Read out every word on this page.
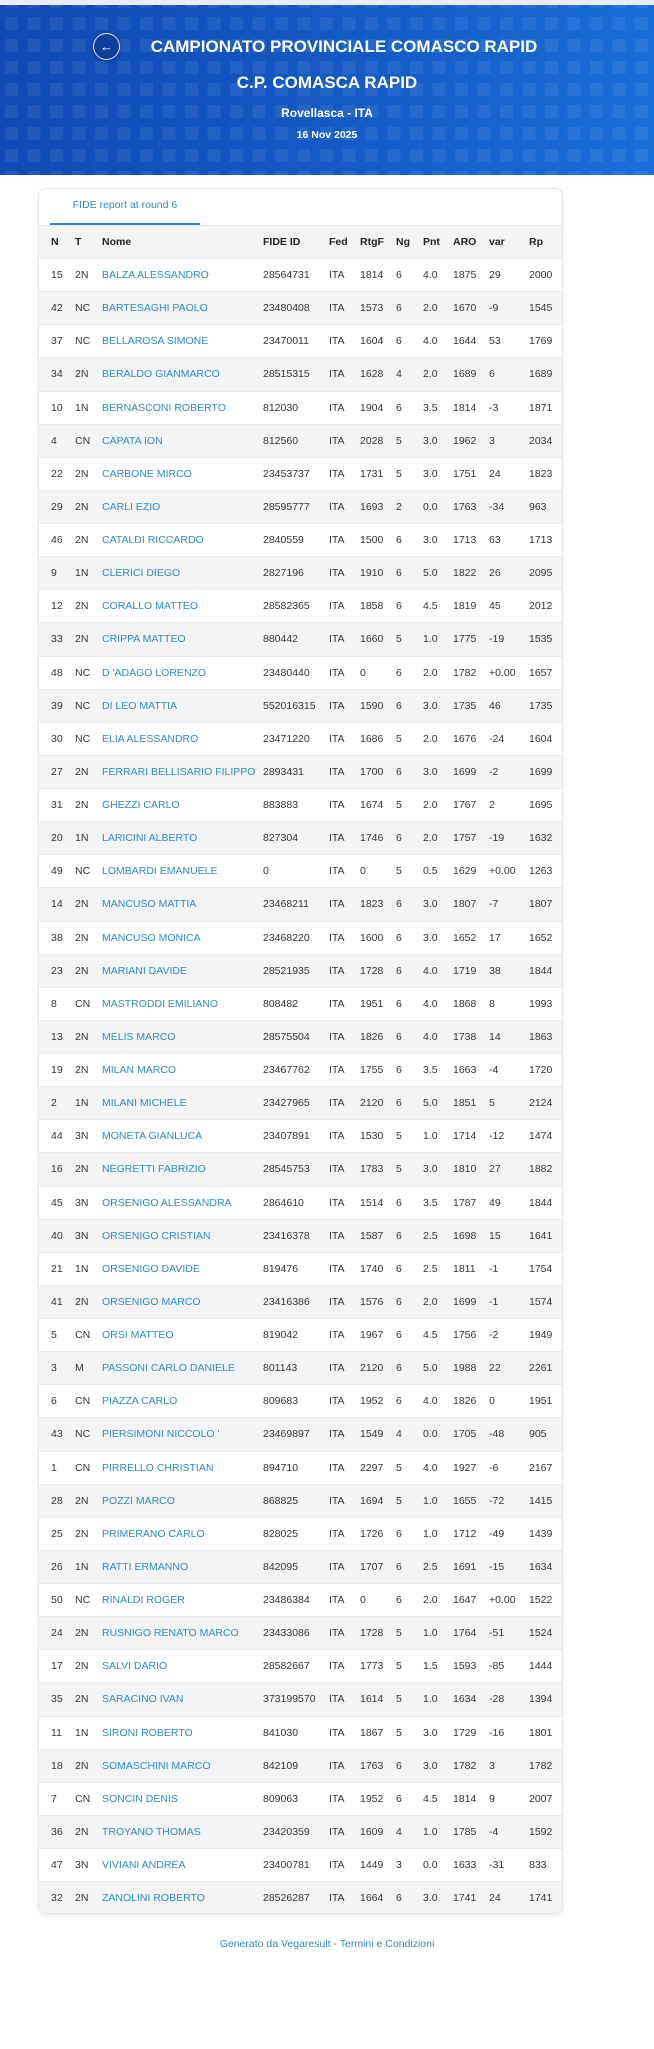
←	CAMPIONATO PROVINCIALE COMASCO RAPID
C.P. COMASCA RAPID
Rovellasca - ITA
16 Nov 2025
FIDE report at round 6
N	T	Nome	FIDE ID	Fed	RtgF	Ng	Pnt	ARO	var	Rp
15	2N	BALZA ALESSANDRO	28564731	ITA	1814	6	4.0	1875	29	2000
42	NC	BARTESAGHI PAOLO	23480408	ITA	1573	6	2.0	1670	-9	1545
37	NC	BELLAROSA SIMONE	23470011	ITA	1604	6	4.0	1644	53	1769
34	2N	BERALDO GIANMARCO	28515315	ITA	1628	4	2.0	1689	6	1689
10	1N	BERNASCONI ROBERTO	812030	ITA	1904	6	3.5	1814	-3	1871
4	CN	CAPATA ION	812560	ITA	2028	5	3.0	1962	3	2034
22	2N	CARBONE MIRCO	23453737	ITA	1731	5	3.0	1751	24	1823
29	2N	CARLI EZIO	28595777	ITA	1693	2	0.0	1763	-34	963
46	2N	CATALDI RICCARDO	2840559	ITA	1500	6	3.0	1713	63	1713
9	1N	CLERICI DIEGO	2827196	ITA	1910	6	5.0	1822	26	2095
12	2N	CORALLO MATTEO	28582365	ITA	1858	6	4.5	1819	45	2012
33	2N	CRIPPA MATTEO	880442	ITA	1660	5	1.0	1775	-19	1535
48	NC	D 'ADAGO LORENZO	23480440	ITA	0	6	2.0	1782	+0.00	1657
39	NC	DI LEO MATTIA	552016315	ITA	1590	6	3.0	1735	46	1735
30	NC	ELIA ALESSANDRO	23471220	ITA	1686	5	2.0	1676	-24	1604
27	2N	FERRARI BELLISARIO FILIPPO	2893431	ITA	1700	6	3.0	1699	-2	1699
31	2N	GHEZZI CARLO	883883	ITA	1674	5	2.0	1767	2	1695
20	1N	LARICINI ALBERTO	827304	ITA	1746	6	2.0	1757	-19	1632
49	NC	LOMBARDI EMANUELE	0	ITA	0	5	0.5	1629	+0.00	1263
14	2N	MANCUSO MATTIA	23468211	ITA	1823	6	3.0	1807	-7	1807
38	2N	MANCUSO MONICA	23468220	ITA	1600	6	3.0	1652	17	1652
23	2N	MARIANI DAVIDE	28521935	ITA	1728	6	4.0	1719	38	1844
8	CN	MASTRODDI EMILIANO	808482	ITA	1951	6	4.0	1868	8	1993
13	2N	MELIS MARCO	28575504	ITA	1826	6	4.0	1738	14	1863
19	2N	MILAN MARCO	23467762	ITA	1755	6	3.5	1663	-4	1720
2	1N	MILANI MICHELE	23427965	ITA	2120	6	5.0	1851	5	2124
44	3N	MONETA GIANLUCA	23407891	ITA	1530	5	1.0	1714	-12	1474
16	2N	NEGRETTI FABRIZIO	28545753	ITA	1783	5	3.0	1810	27	1882
45	3N	ORSENIGO ALESSANDRA	2864610	ITA	1514	6	3.5	1787	49	1844
40	3N	ORSENIGO CRISTIAN	23416378	ITA	1587	6	2.5	1698	15	1641
21	1N	ORSENIGO DAVIDE	819476	ITA	1740	6	2.5	1811	-1	1754
41	2N	ORSENIGO MARCO	23416386	ITA	1576	6	2.0	1699	-1	1574
5	CN	ORSI MATTEO	819042	ITA	1967	6	4.5	1756	-2	1949
3	M	PASSONI CARLO DANIELE	801143	ITA	2120	6	5.0	1988	22	2261
6	CN	PIAZZA CARLO	809683	ITA	1952	6	4.0	1826	0	1951
43	NC	PIERSIMONI NICCOLO '	23469897	ITA	1549	4	0.0	1705	-48	905
1	CN	PIRRELLO CHRISTIAN	894710	ITA	2297	5	4.0	1927	-6	2167
28	2N	POZZI MARCO	868825	ITA	1694	5	1.0	1655	-72	1415
25	2N	PRIMERANO CARLO	828025	ITA	1726	6	1.0	1712	-49	1439
26	1N	RATTI ERMANNO	842095	ITA	1707	6	2.5	1691	-15	1634
50	NC	RINALDI ROGER	23486384	ITA	0	6	2.0	1647	+0.00	1522
24	2N	RUSNIGO RENATO MARCO	23433086	ITA	1728	5	1.0	1764	-51	1524
17	2N	SALVI DARIO	28582667	ITA	1773	5	1.5	1593	-85	1444
35	2N	SARACINO IVAN	373199570	ITA	1614	5	1.0	1634	-28	1394
11	1N	SIRONI ROBERTO	841030	ITA	1867	5	3.0	1729	-16	1801
18	2N	SOMASCHINI MARCO	842109	ITA	1763	6	3.0	1782	3	1782
7	CN	SONCIN DENIS	809063	ITA	1952	6	4.5	1814	9	2007
36	2N	TROYANO THOMAS	23420359	ITA	1609	4	1.0	1785	-4	1592
47	3N	VIVIANI ANDREA	23400781	ITA	1449	3	0.0	1633	-31	833
32	2N	ZANOLINI ROBERTO	28526287	ITA	1664	6	3.0	1741	24	1741
Generato da Vegaresult - Termini e Condizioni
